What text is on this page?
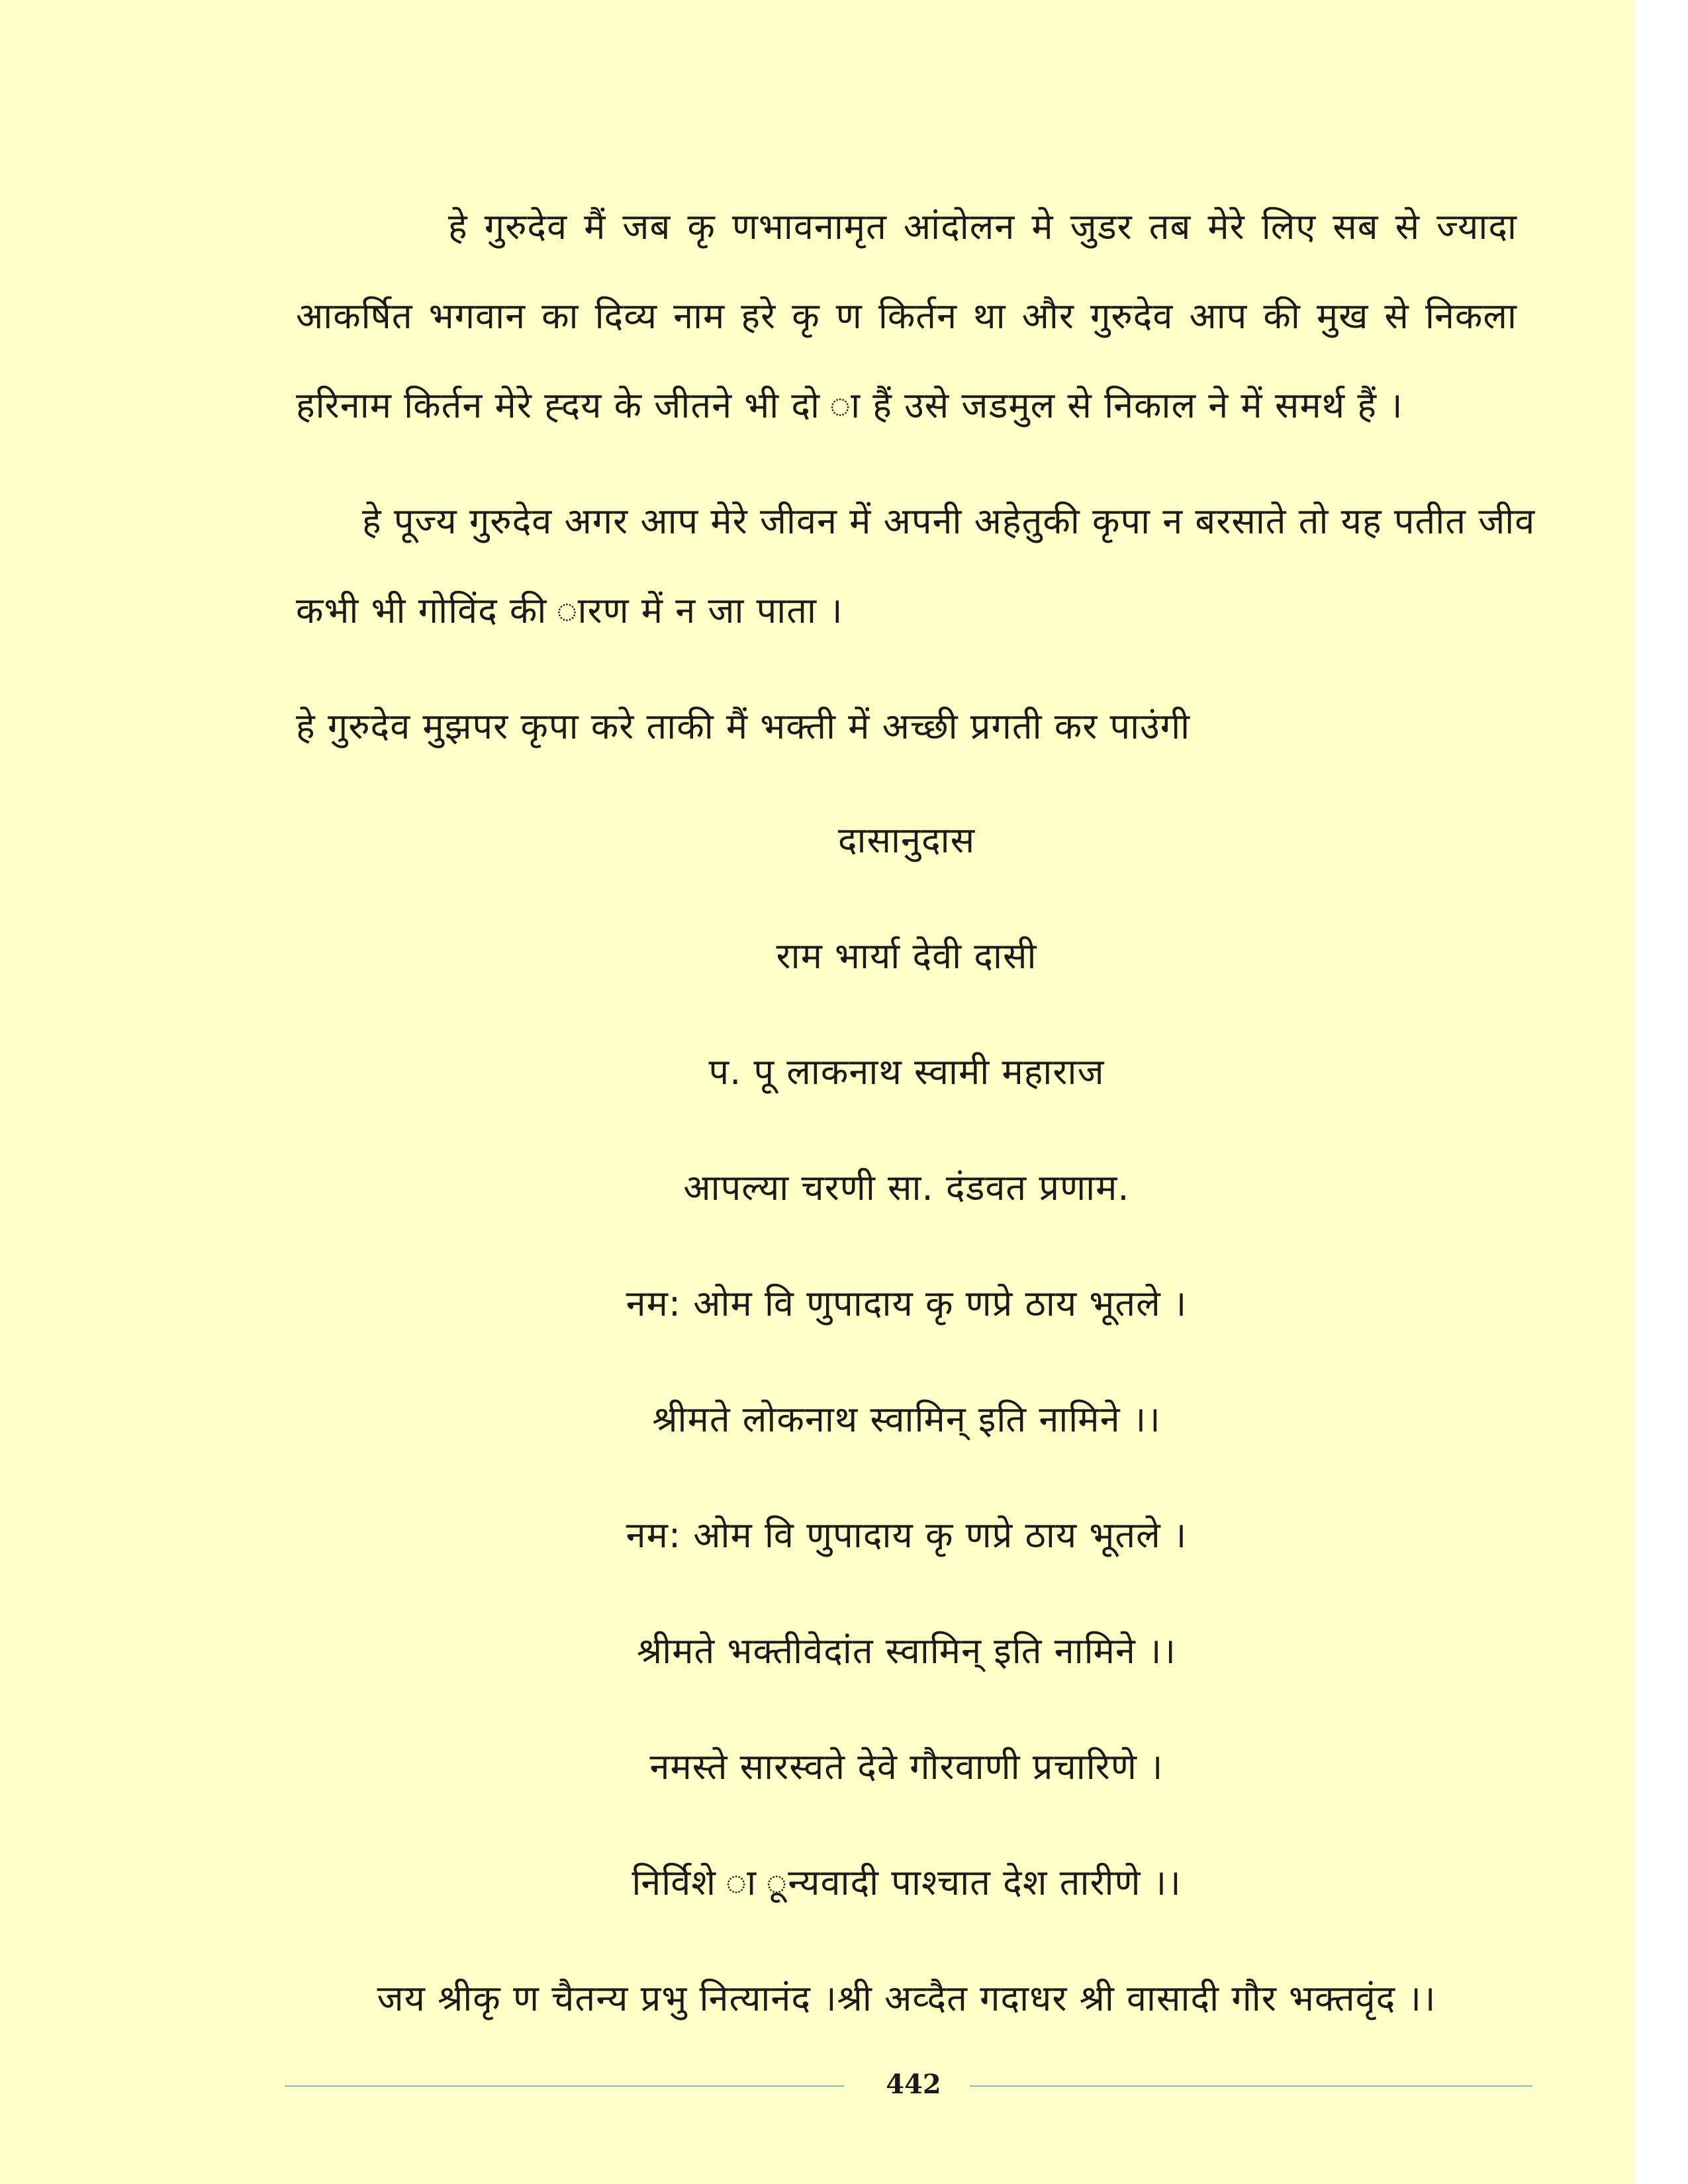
हे गुरुदेव मैं जब कृ णभावनामृत आंदोलन मे जुडर तब मेरे लिए सब से ज्यादा
आकर्षित भगवान का दिव्य नाम हरे कृ ण किर्तन था और गुरुदेव आप की मुख से निकला
हरिनाम किर्तन मेरे ह्दय के जीतने भी दो ा हैं उसे जडमुल से निकाल ने में समर्थ हैं ।
हे पूज्य गुरुदेव अगर आप मेरे जीवन में अपनी अहेतुकी कृपा न बरसाते तो यह पतीत जीव
कभी भी गोविंद की ारण में न जा पाता ।
हे गुरुदेव मुझपर कृपा करे ताकी मैं भक्ती में अच्छी प्रगती कर पाउंगी
दासानुदास
राम भार्या देवी दासी
प. पू लाकनाथ स्वामी महाराज
आपल्या चरणी सा. दंडवत प्रणाम.
नम: ओम वि णुपादाय कृ णप्रे ठाय भूतले ।
श्रीमते लोकनाथ स्वामिन् इति नामिने ।।
नम: ओम वि णुपादाय कृ णप्रे ठाय भूतले ।
श्रीमते भक्तीवेदांत स्वामिन् इति नामिने ।।
नमस्ते सारस्वते देवे गौरवाणी प्रचारिणे ।
निर्विशे ा ून्यवादी पाश्चात देश तारीणे ।।
जय श्रीकृ ण चैतन्य प्रभु नित्यानंद ।श्री अव्दैत गदाधर श्री वासादी गौर भक्तवृंद ।।
442
